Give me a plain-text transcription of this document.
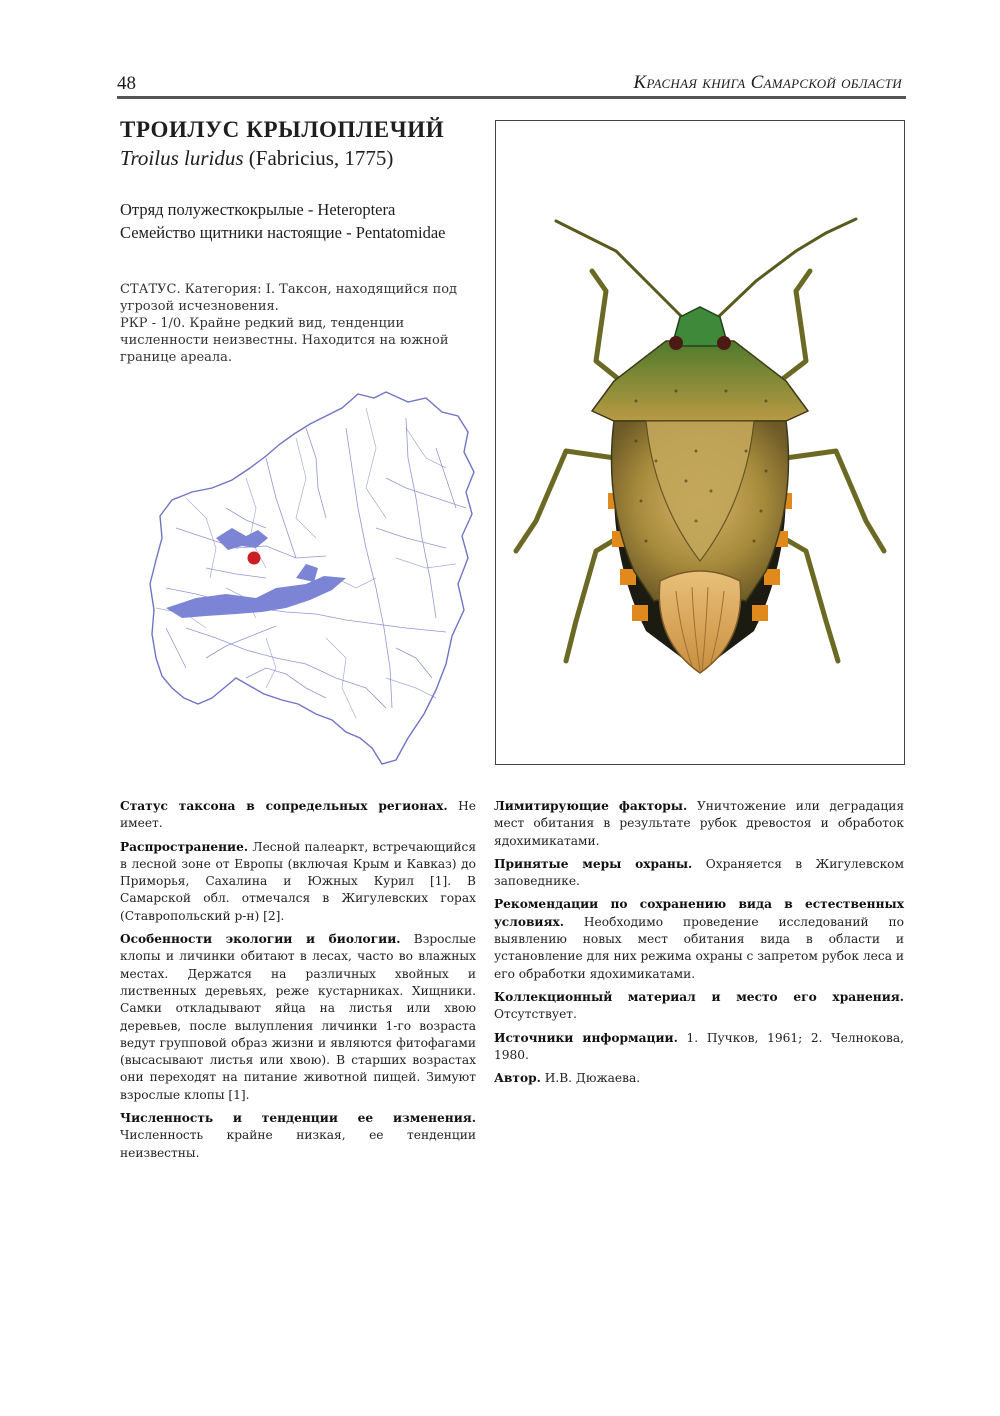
48	Красная книга Самарской области
ТРОИЛУС КРЫЛОПЛЕЧИЙ
Troilus luridus (Fabricius, 1775)
Отряд полужесткокрылые - Heteroptera
Семейство щитники настоящие - Pentatomidae

СТАТУС. Категория: I. Таксон, находящийся под угрозой исчезновения.

РКР - 1/0. Крайне редкий вид, тенденции численности неизвестны. Находится на южной границе ареала.

Статус таксона в сопредельных регионах. Не имеет.

Распространение. Лесной палеаркт, встречающийся в лесной зоне от Европы (включая Крым и Кавказ) до Приморья, Сахалина и Южных Курил [1]. В Самарской обл. отмечался в Жигулевских горах (Ставропольский р-н) [2].

Особенности экологии и биологии. Взрослые клопы и личинки обитают в лесах, часто во влажных местах. Держатся на различных хвойных и лиственных деревьях, реже кустарниках. Хищники. Самки откладывают яйца на листья или хвою деревьев, после вылупления личинки 1-го возраста ведут групповой образ жизни и являются фитофагами (высасывают листья или хвою). В старших возрастах они переходят на питание животной пищей. Зимуют взрослые клопы [1].

Численность и тенденции ее изменения. Численность крайне низкая, ее тенденции неизвестны.

Лимитирующие факторы. Уничтожение или деградация мест обитания в результате рубок древостоя и обработок ядохимикатами.

Принятые меры охраны. Охраняется в Жигулевском заповеднике.

Рекомендации по сохранению вида в естественных условиях. Необходимо проведение исследований по выявлению новых мест обитания вида в области и установление для них режима охраны с запретом рубок леса и его обработки ядохимикатами.

Коллекционный материал и место его хранения. Отсутствует.

Источники информации. 1. Пучков, 1961; 2. Челнокова, 1980.

Автор. И.В. Дюжаева.
